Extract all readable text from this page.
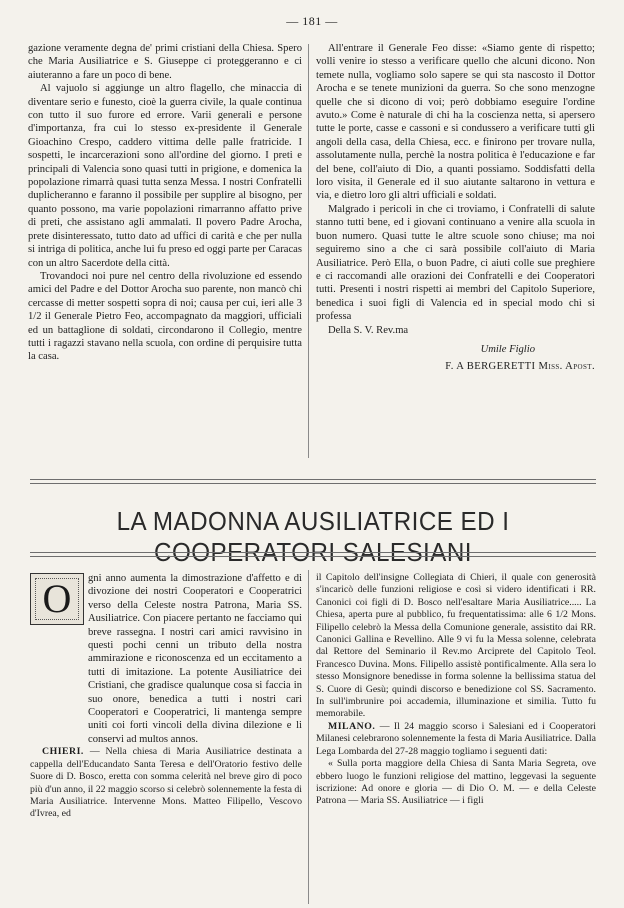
— 181 —

gazione veramente degna de' primi cristiani della Chiesa. Spero che Maria Ausiliatrice e S. Giuseppe ci proteggeranno e ci aiuteranno a fare un poco di bene.

Al vajuolo si aggiunge un altro flagello, che minaccia di diventare serio e funesto, cioè la guerra civile, la quale continua con tutto il suo furore ed errore. Varii generali e persone d'importanza, fra cui lo stesso ex-presidente il Generale Gioachino Crespo, caddero vittima delle palle fratricide. I sospetti, le incarcerazioni sono all'ordine del giorno. I preti e principali di Valencia sono quasi tutti in prigione, e domenica la popolazione rimarrà quasi tutta senza Messa. I nostri Confratelli duplicheranno e faranno il possibile per supplire al bisogno, per quanto possono, ma varie popolazioni rimarranno affatto prive di preti, che assistano agli ammalati. Il povero Padre Arocha, prete disinteressato, tutto dato ad uffici di carità e che per nulla si intriga di politica, anche lui fu preso ed oggi parte per Caracas con un altro Sacerdote della città.

Trovandoci noi pure nel centro della rivoluzione ed essendo amici del Padre e del Dottor Arocha suo parente, non mancò chi cercasse di metter sospetti sopra di noi; causa per cui, ieri alle 3 1/2 il Generale Pietro Feo, accompagnato da maggiori, ufficiali ed un battaglione di soldati, circondarono il Collegio, mentre tutti i ragazzi stavano nella scuola, con ordine di perquisire tutta la casa.

All'entrare il Generale Feo disse: «Siamo gente di rispetto; volli venire io stesso a verificare quello che alcuni dicono. Non temete nulla, vogliamo solo sapere se qui sta nascosto il Dottor Arocha e se tenete munizioni da guerra. So che sono menzogne quelle che si dicono di voi; però dobbiamo eseguire l'ordine avuto.» Come è naturale di chi ha la coscienza netta, si apersero tutte le porte, casse e cassoni e si condussero a verificare tutti gli angoli della casa, della Chiesa, ecc. e finirono per trovare nulla, assolutamente nulla, perchè la nostra politica è l'educazione e far del bene, coll'aiuto di Dio, a quanti possiamo. Soddisfatti della loro visita, il Generale ed il suo aiutante saltarono in vettura e via, e dietro loro gli altri ufficiali e soldati.

Malgrado i pericoli in che ci troviamo, i Confratelli di salute stanno tutti bene, ed i giovani continuano a venire alla scuola in buon numero. Quasi tutte le altre scuole sono chiuse; ma noi seguiremo sino a che ci sarà possibile coll'aiuto di Maria Ausiliatrice. Però Ella, o buon Padre, ci aiuti colle sue preghiere e ci raccomandi alle orazioni dei Confratelli e dei Cooperatori tutti. Presenti i nostri rispetti ai membri del Capitolo Superiore, benedica i suoi figli di Valencia ed in special modo chi si professa

Della S. V. Rev.ma

Umile Figlio
F. A BERGERETTI Miss. Apost.
LA MADONNA AUSILIATRICE ED I COOPERATORI SALESIANI
O	gni anno aumenta la dimostrazione d'affetto e di divozione dei nostri Cooperatori e Cooperatrici verso della Celeste nostra Patrona, Maria SS. Ausiliatrice. Con piacere pertanto ne facciamo qui breve rassegna. I nostri cari amici ravvisino in questi pochi cenni un tributo della nostra ammirazione e riconoscenza ed un eccitamento a tutti di imitazione. La potente Ausiliatrice dei Cristiani, che gradisce qualunque cosa si faccia in suo onore, benedica a tutti i nostri cari Cooperatori e Cooperatrici, li mantenga sempre uniti coi forti vincoli della divina dilezione e li conservi ad multos annos.

CHIERI. — Nella chiesa di Maria Ausiliatrice destinata a cappella dell'Educandato Santa Teresa e dell'Oratorio festivo delle Suore di D. Bosco, eretta con somma celerità nel breve giro di poco più d'un anno, il 22 maggio scorso si celebrò solennemente la festa di Maria Ausiliatrice. Intervenne Mons. Matteo Filipello, Vescovo d'Ivrea, ed

il Capitolo dell'insigne Collegiata di Chieri, il quale con generosità s'incaricò delle funzioni religiose e così si videro identificati i RR. Canonici coi figli di D. Bosco nell'esaltare Maria Ausiliatrice..... La Chiesa, aperta pure al pubblico, fu frequentatissima: alle 6 1/2 Mons. Filipello celebrò la Messa della Comunione generale, assistito dai RR. Canonici Gallina e Revellino. Alle 9 vi fu la Messa solenne, celebrata dal Rettore del Seminario il Rev.mo Arciprete del Capitolo Teol. Francesco Duvina. Mons. Filipello assistè pontificalmente. Alla sera lo stesso Monsignore benedisse in forma solenne la bellissima statua del S. Cuore di Gesù; quindi discorso e benedizione col SS. Sacramento. In sull'imbrunire poi accademia, illuminazione et similia. Tutto fu memorabile.

MILANO. — Il 24 maggio scorso i Salesiani ed i Cooperatori Milanesi celebrarono solennemente la festa di Maria Ausiliatrice. Dalla Lega Lombarda del 27-28 maggio togliamo i seguenti dati:

« Sulla porta maggiore della Chiesa di Santa Maria Segreta, ove ebbero luogo le funzioni religiose del mattino, leggevasi la seguente iscrizione: Ad onore e gloria — di Dio O. M. — e della Celeste Patrona — Maria SS. Ausiliatrice — i figli
